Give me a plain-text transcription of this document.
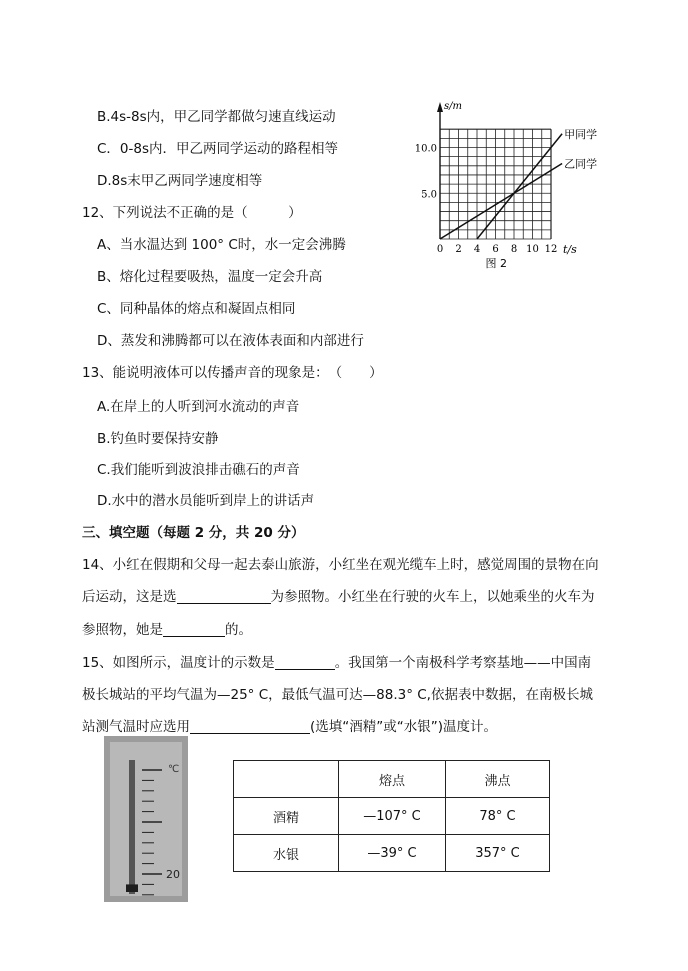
B.4s-8s内，甲乙同学都做匀速直线运动
C．0-8s内．甲乙两同学运动的路程相等
D.8s末甲乙两同学速度相等
12、下列说法不正确的是（　　　）
A、当水温达到 100° C时，水一定会沸腾
B、熔化过程要吸热，温度一定会升高
C、同种晶体的熔点和凝固点相同
D、蒸发和沸腾都可以在液体表面和内部进行
13、能说明液体可以传播声音的现象是：　（　　）
A.在岸上的人听到河水流动的声音
B.钓鱼时要保持安静
C.我们能听到波浪排击礁石的声音
D.水中的潜水员能听到岸上的讲话声
三、填空题（每题 2 分，共 20 分）
14、小红在假期和父母一起去泰山旅游，小红坐在观光缆车上时，感觉周围的景物在向
后运动，这是选	为参照物。小红坐在行驶的火车上，以她乘坐的火车为
参照物，她是	的。
15、如图所示，温度计的示数是	。我国第一个南极科学考察基地——中国南
极长城站的平均气温为—25° C，最低气温可达—88.3° C,依据表中数据，在南极长城
站测气温时应选用	(选填“酒精”或“水银”)温度计。
s/m
10.0
5.0
0 2 4 6 8 10 12 t/s
甲同学
乙同学
图 2
℃
20
	熔点	沸点
酒精	—107° C	78° C
水银	—39° C	357° C
